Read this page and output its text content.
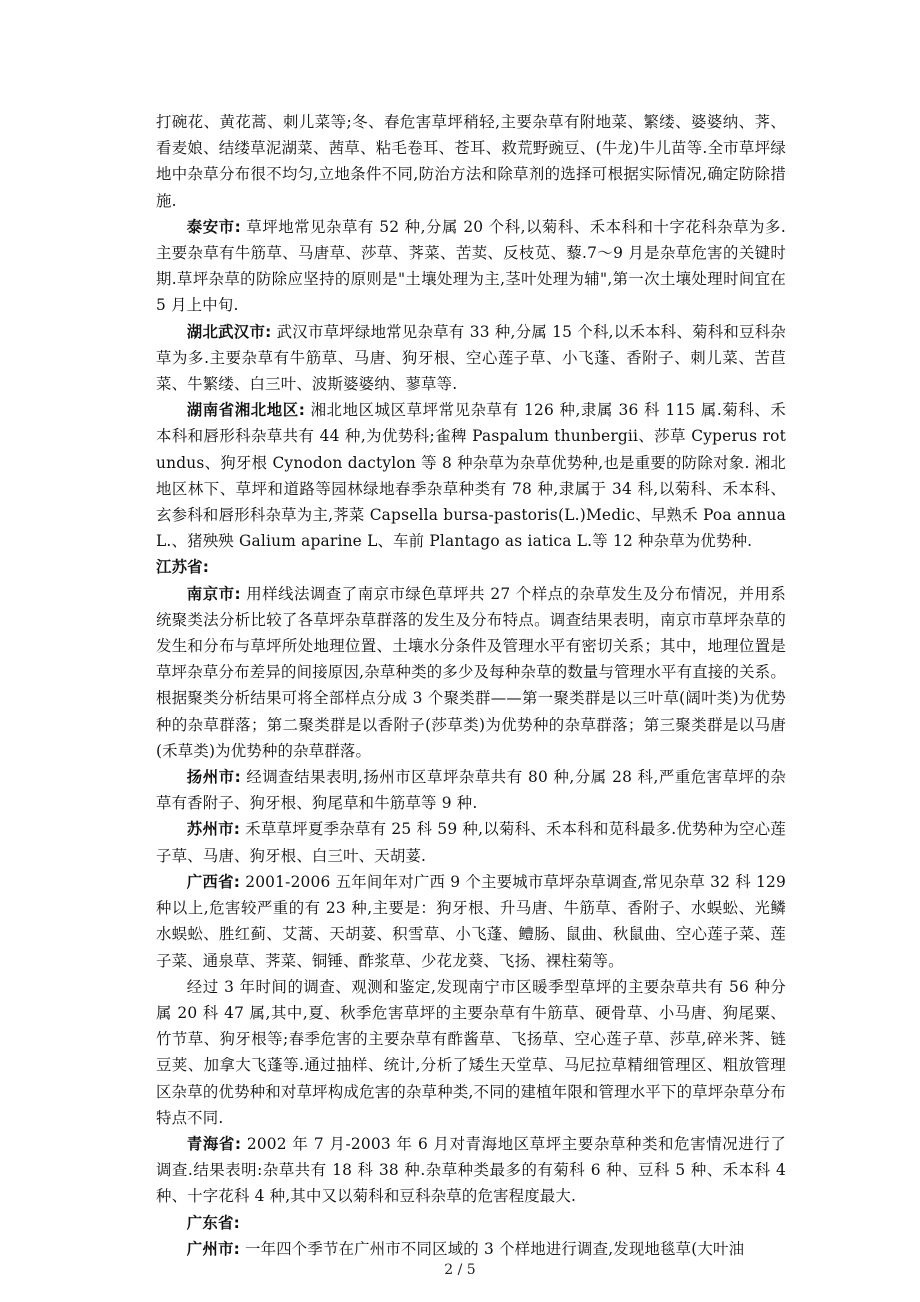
打碗花、黄花蒿、刺儿菜等;冬、春危害草坪稍轻,主要杂草有附地菜、繁缕、婆婆纳、荠、看麦娘、结缕草泥湖菜、茜草、粘毛卷耳、苍耳、救荒野豌豆、(牛龙)牛儿苗等.全市草坪绿地中杂草分布很不均匀,立地条件不同,防治方法和除草剂的选择可根据实际情况,确定防除措施.

泰安市: 草坪地常见杂草有 52 种,分属 20 个科,以菊科、禾本科和十字花科杂草为多.主要杂草有牛筋草、马唐草、莎草、荠菜、苦荬、反枝苋、藜.7～9 月是杂草危害的关键时期.草坪杂草的防除应坚持的原则是"土壤处理为主,茎叶处理为辅",第一次土壤处理时间宜在 5 月上中旬.

湖北武汉市: 武汉市草坪绿地常见杂草有 33 种,分属 15 个科,以禾本科、菊科和豆科杂草为多.主要杂草有牛筋草、马唐、狗牙根、空心莲子草、小飞蓬、香附子、刺儿菜、苦苣 菜、牛繁缕、白三叶、波斯婆婆纳、蓼草等.

湖南省湘北地区: 湘北地区城区草坪常见杂草有 126 种,隶属 36 科 115 属.菊科、禾本科和唇形科杂草共有 44 种,为优势科;雀稗 Paspalum thunbergii、莎草 Cyperus rotundus、狗牙根 Cynodon dactylon 等 8 种杂草为杂草优势种,也是重要的防除对象. 湘北地区林下、草坪和道路等园林绿地春季杂草种类有 78 种,隶属于 34 科,以菊科、禾本科、玄参科和唇形科杂草为主,荠菜 Capsella bursa-pastoris(L.)Medic、早熟禾 Poa annua L.、猪殃殃 Galium aparine L、车前 Plantago as iatica L.等 12 种杂草为优势种.

江苏省:

南京市: 用样线法调查了南京市绿色草坪共 27 个样点的杂草发生及分布情况，并用系统聚类法分析比较了各草坪杂草群落的发生及分布特点。调查结果表明，南京市草坪杂草的 发生和分布与草坪所处地理位置、土壤水分条件及管理水平有密切关系；其中，地理位置是草坪杂草分布差异的间接原因,杂草种类的多少及每种杂草的数量与管理水平有直接的关系。根据聚类分析结果可将全部样点分成 3 个聚类群——第一聚类群是以三叶草(阔叶类)为优势种的杂草群落；第二聚类群是以香附子(莎草类)为优势种的杂草群落；第三聚类群是以马唐(禾草类)为优势种的杂草群落。

扬州市: 经调查结果表明,扬州市区草坪杂草共有 80 种,分属 28 科,严重危害草坪的杂草有香附子、狗牙根、狗尾草和牛筋草等 9 种.

苏州市: 禾草草坪夏季杂草有 25 科 59 种,以菊科、禾本科和苋科最多.优势种为空心莲子草、马唐、狗牙根、白三叶、天胡荽.

广西省: 2001-2006 五年间年对广西 9 个主要城市草坪杂草调查,常见杂草 32 科 129 种以上,危害较严重的有 23 种,主要是：狗牙根、升马唐、牛筋草、香附子、水蜈蚣、光鳞水蜈蚣、胜红蓟、艾蒿、天胡荽、积雪草、小飞蓬、鳢肠、鼠曲、秋鼠曲、空心莲子菜、莲子菜、通泉草、荠菜、铜锤、酢浆草、少花龙葵、飞扬、裸柱菊等。

经过 3 年时间的调查、观测和鉴定,发现南宁市区暖季型草坪的主要杂草共有 56 种分属 20 科 47 属,其中,夏、秋季危害草坪的主要杂草有牛筋草、硬骨草、小马唐、狗尾粟、竹节草、狗牙根等;春季危害的主要杂草有酢酱草、飞扬草、空心莲子草、莎草,碎米荠、链豆荚、加拿大飞蓬等.通过抽样、统计,分析了矮生天堂草、马尼拉草精细管理区、粗放管理区杂草的优势种和对草坪构成危害的杂草种类,不同的建植年限和管理水平下的草坪杂草分布特点不同.

青海省: 2002 年 7 月-2003 年 6 月对青海地区草坪主要杂草种类和危害情况进行了调查.结果表明:杂草共有 18 科 38 种.杂草种类最多的有菊科 6 种、豆科 5 种、禾本科 4 种、十字花科 4 种,其中又以菊科和豆科杂草的危害程度最大.

广东省:

广州市: 一年四个季节在广州市不同区域的 3 个样地进行调查,发现地毯草(大叶油

2 / 5
